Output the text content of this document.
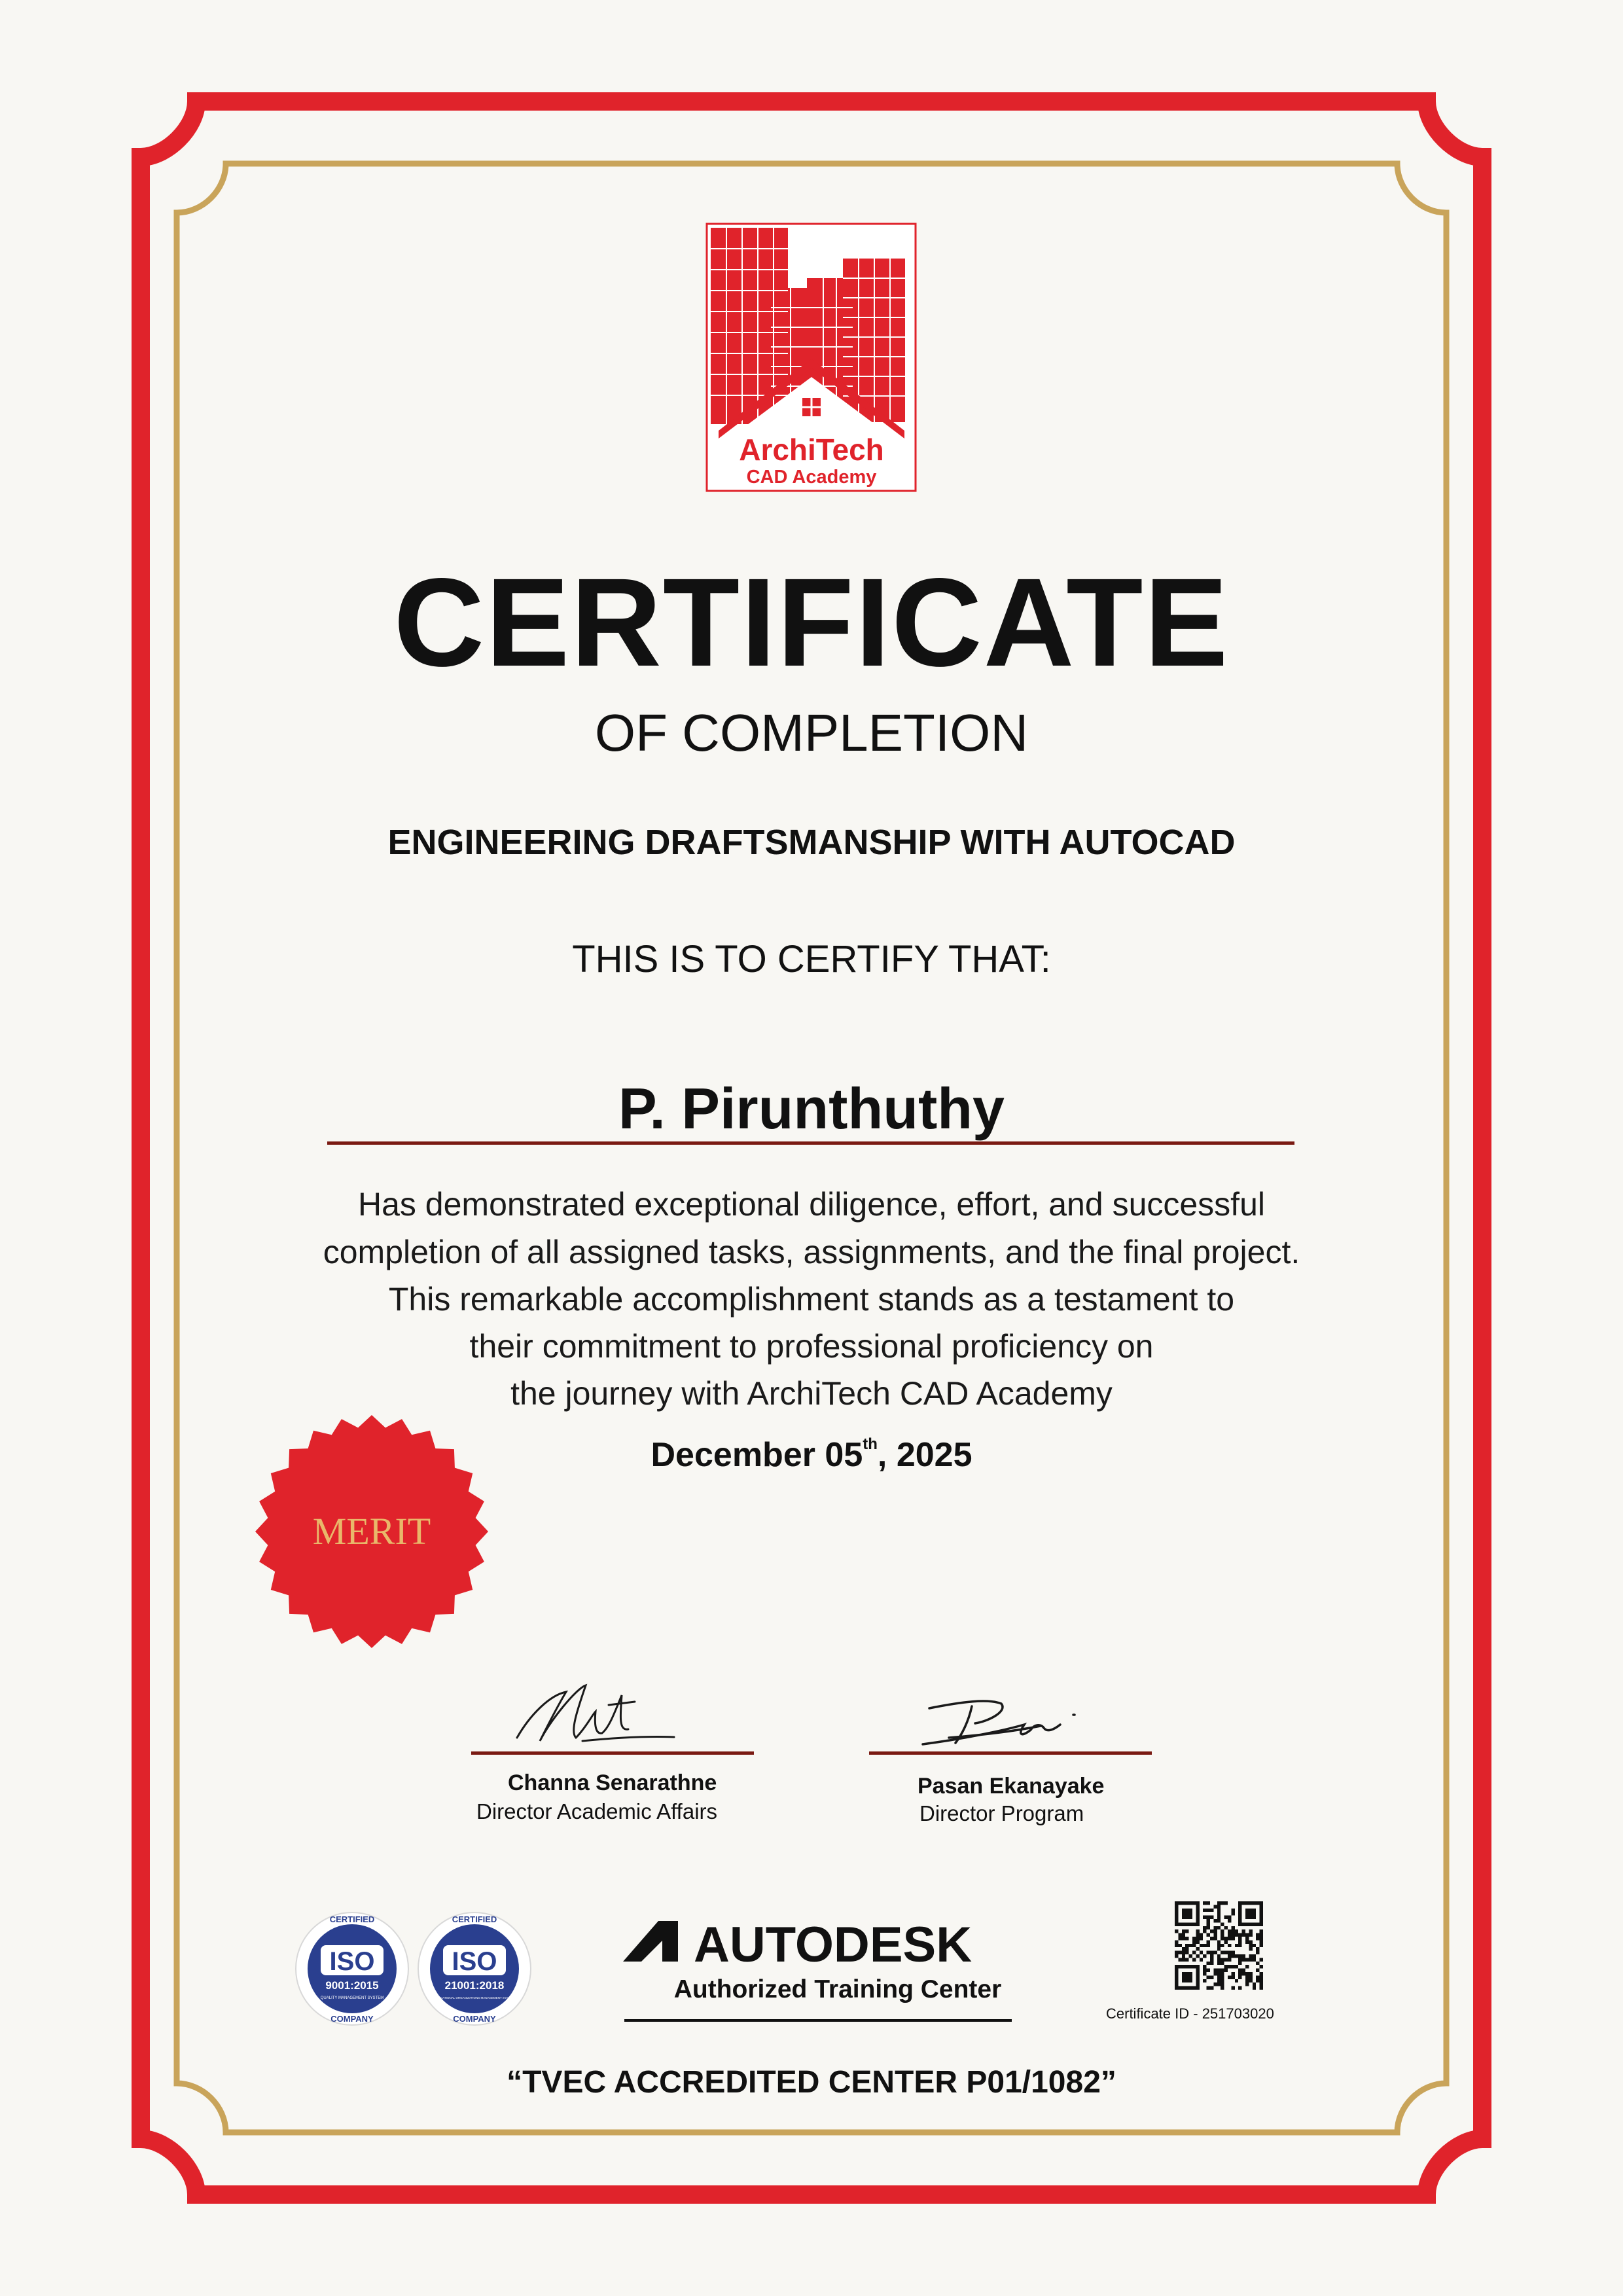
ArchiTech
CAD Academy
CERTIFICATE
OF COMPLETION
ENGINEERING DRAFTSMANSHIP WITH AUTOCAD
THIS IS TO CERTIFY THAT:
P. Pirunthuthy
Has demonstrated exceptional diligence, effort, and successful
completion of all assigned tasks, assignments, and the final project.
This remarkable accomplishment stands as a testament to
their commitment to professional proficiency on
the journey with ArchiTech CAD Academy
December 05th, 2025
MERIT
Channa Senarathne
Director Academic Affairs
Pasan Ekanayake
Director Program
CERTIFIED
COMPANY
ISO
9001:2015
QUALITY MANAGEMENT SYSTEM
CERTIFIED
COMPANY
ISO
21001:2018
EDUCATIONAL ORGANIZATIONS MANAGEMENT SYSTEM
AUTODESK
Authorized Training Center
Certificate ID - 251703020
“TVEC ACCREDITED CENTER P01/1082”
